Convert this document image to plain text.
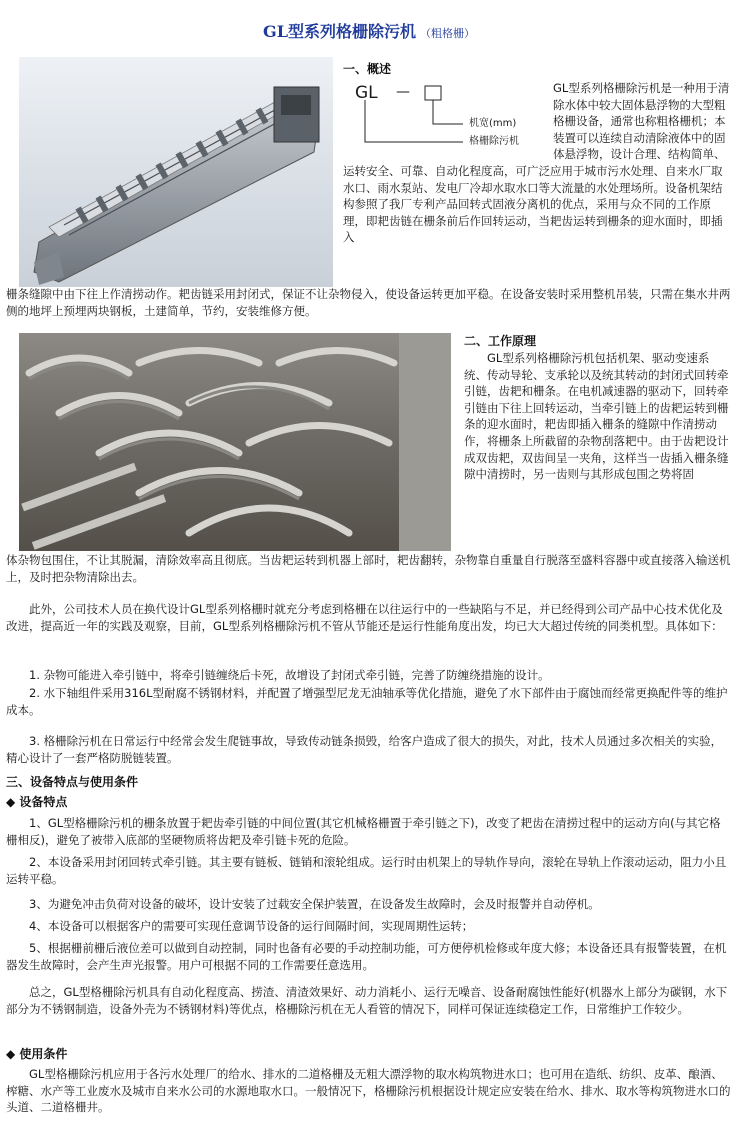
GL型系列格栅除污机 （粗格栅）
一、概述
GL —
机宽(mm)
格栅除污机

GL型系列格栅除污机是一种用于清除水体中较大固体悬浮物的大型粗格栅设备，通常也称粗格栅机；本装置可以连续自动清除液体中的固体悬浮物，设计合理、结构简单、运转安全、可靠、自动化程度高，可广泛应用于城市污水处理、自来水厂取水口、雨水泵站、发电厂冷却水取水口等大流量的水处理场所。设备机架结构参照了我厂专利产品回转式固液分离机的优点，采用与众不同的工作原理，即耙齿链在栅条前后作回转运动，当耙齿运转到栅条的迎水面时，即插入

栅条缝隙中由下往上作清捞动作。耙齿链采用封闭式，保证不让杂物侵入，使设备运转更加平稳。在设备安装时采用整机吊装，只需在集水井两侧的地坪上预埋两块钢板，土建简单，节约，安装维修方便。
二、工作原理
GL型系列格栅除污机包括机架、驱动变速系统、传动导轮、支承轮以及统其转动的封闭式回转牵引链，齿耙和栅条。在电机减速器的驱动下，回转牵引链由下往上回转运动，当牵引链上的齿耙运转到栅条的迎水面时，耙齿即插入栅条的缝隙中作清捞动作，将栅条上所截留的杂物刮落耙中。由于齿耙设计成双齿耙，双齿间呈一夹角，这样当一齿插入栅条缝隙中清捞时，另一齿则与其形成包围之势将固
体杂物包围住，不让其脱漏，清除效率高且彻底。当齿耙运转到机器上部时，耙齿翻转，杂物靠自重量自行脱落至盛料容器中或直接落入输送机上，及时把杂物清除出去。
此外，公司技术人员在换代设计GL型系列格栅时就充分考虑到格栅在以往运行中的一些缺陷与不足，并已经得到公司产品中心技术优化及改进，提高近一年的实践及观察，目前，GL型系列格栅除污机不管从节能还是运行性能角度出发，均已大大超过传统的同类机型。具体如下：
1. 杂物可能进入牵引链中，将牵引链缠绕后卡死，故增设了封闭式牵引链，完善了防缠绕措施的设计。
2. 水下轴组件采用316L型耐腐不锈钢材料，并配置了增强型尼龙无油轴承等优化措施，避免了水下部件由于腐蚀而经常更换配件等的维护成本。
3. 格栅除污机在日常运行中经常会发生爬链事故，导致传动链条损毁，给客户造成了很大的损失，对此，技术人员通过多次相关的实验，精心设计了一套严格防脱链装置。
三、设备特点与使用条件
◆ 设备特点
1、GL型格栅除污机的栅条放置于耙齿牵引链的中间位置(其它机械格栅置于牵引链之下)，改变了耙齿在清捞过程中的运动方向(与其它格栅相反)，避免了被带入底部的坚硬物质将齿耙及牵引链卡死的危险。
2、本设备采用封闭回转式牵引链。其主要有链板、链销和滚轮组成。运行时由机架上的导轨作导向，滚轮在导轨上作滚动运动，阻力小且运转平稳。
3、为避免冲击负荷对设备的破坏，设计安装了过载安全保护装置，在设备发生故障时，会及时报警并自动停机。
4、本设备可以根据客户的需要可实现任意调节设备的运行间隔时间，实现周期性运转；
5、根据栅前栅后液位差可以做到自动控制，同时也备有必要的手动控制功能，可方便停机检修或年度大修；本设备还具有报警装置，在机器发生故障时，会产生声光报警。用户可根据不同的工作需要任意选用。
总之，GL型格栅除污机具有自动化程度高、捞渣、清渣效果好、动力消耗小、运行无噪音、设备耐腐蚀性能好(机器水上部分为碳钢，水下部分为不锈钢制造，设备外壳为不锈钢材料)等优点，格栅除污机在无人看管的情况下，同样可保证连续稳定工作，日常维护工作较少。
◆ 使用条件
GL型格栅除污机应用于各污水处理厂的给水、排水的二道格栅及无粗大漂浮物的取水构筑物进水口；也可用在造纸、纺织、皮革、酿酒、榨糖、水产等工业废水及城市自来水公司的水源地取水口。一般情况下，格栅除污机根据设计规定应安装在给水、排水、取水等构筑物进水口的头道、二道格栅井。
